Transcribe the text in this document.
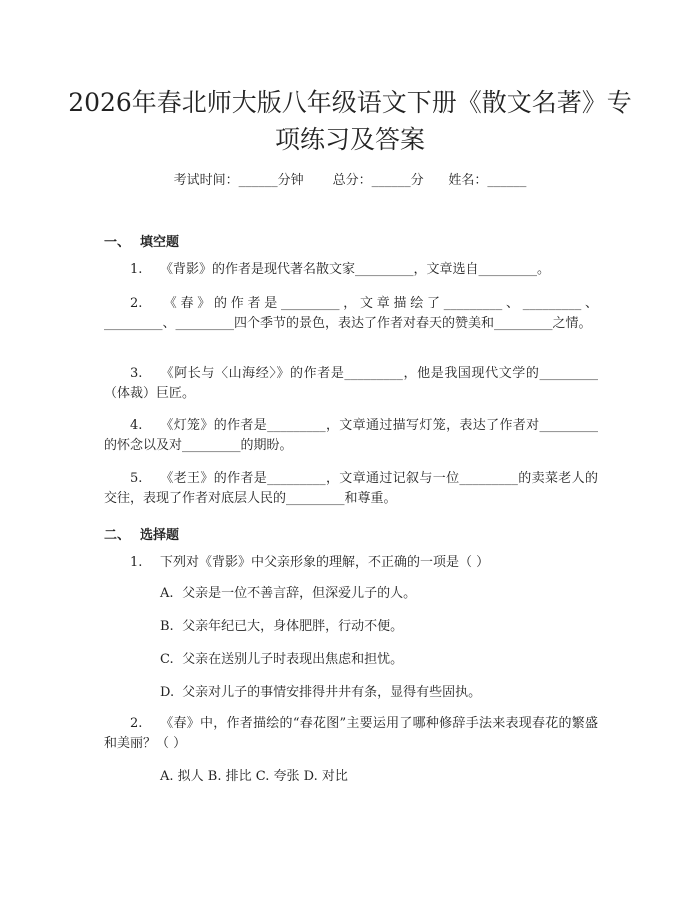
2026年春北师大版八年级语文下册《散文名著》专项练习及答案
考试时间：______分钟 总分：______分 姓名：______
一、 填空题

1. 《背影》的作者是现代著名散文家_________，文章选自_________。

2. 《春》的作者是_________，文章描绘了_________、_________、_________、_________四个季节的景色，表达了作者对春天的赞美和_________之情。

3. 《阿长与〈山海经〉》的作者是_________，他是我国现代文学的_________（体裁）巨匠。

4. 《灯笼》的作者是_________，文章通过描写灯笼，表达了作者对_________的怀念以及对_________的期盼。

5. 《老王》的作者是_________，文章通过记叙与一位_________的卖菜老人的交往，表现了作者对底层人民的_________和尊重。

二、 选择题

1. 下列对《背影》中父亲形象的理解，不正确的一项是（ ）

A. 父亲是一位不善言辞，但深爱儿子的人。

B. 父亲年纪已大，身体肥胖，行动不便。

C. 父亲在送别儿子时表现出焦虑和担忧。

D. 父亲对儿子的事情安排得井井有条，显得有些固执。

2. 《春》中，作者描绘的“春花图”主要运用了哪种修辞手法来表现春花的繁盛和美丽？（ ）

A. 拟人 B. 排比 C. 夸张 D. 对比
